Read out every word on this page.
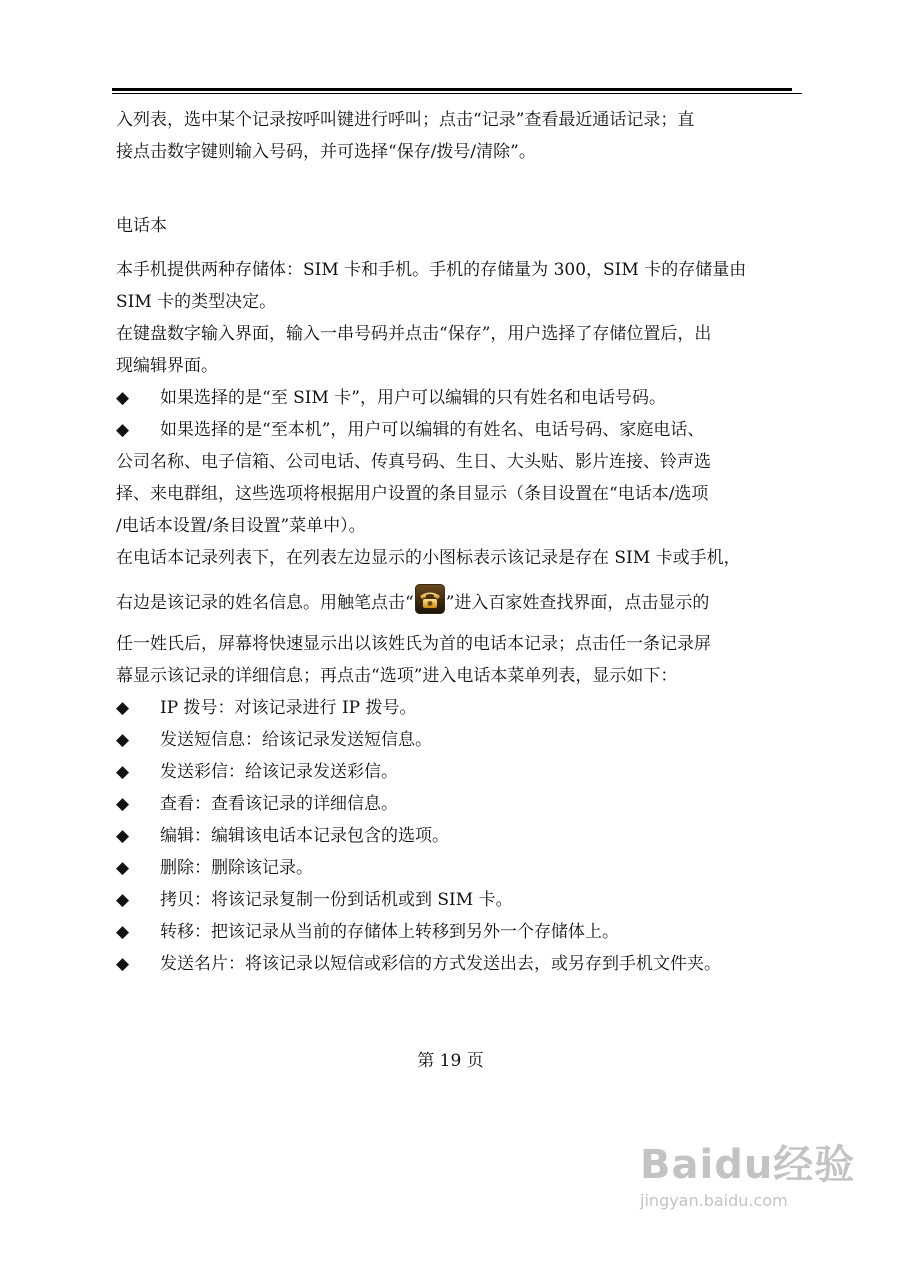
入列表，选中某个记录按呼叫键进行呼叫；点击“记录”查看最近通话记录；直
接点击数字键则输入号码，并可选择“保存/拨号/清除”。
电话本
本手机提供两种存储体：SIM 卡和手机。手机的存储量为 300，SIM 卡的存储量由
SIM 卡的类型决定。
在键盘数字输入界面，输入一串号码并点击“保存”，用户选择了存储位置后，出
现编辑界面。
◆	如果选择的是“至 SIM 卡”，用户可以编辑的只有姓名和电话号码。
◆	如果选择的是“至本机”，用户可以编辑的有姓名、电话号码、家庭电话、
公司名称、电子信箱、公司电话、传真号码、生日、大头贴、影片连接、铃声选
择、来电群组，这些选项将根据用户设置的条目显示（条目设置在“电话本/选项
/电话本设置/条目设置”菜单中）。
在电话本记录列表下，在列表左边显示的小图标表示该记录是存在 SIM 卡或手机，
右边是该记录的姓名信息。用触笔点击“ ”进入百家姓查找界面，点击显示的
任一姓氏后，屏幕将快速显示出以该姓氏为首的电话本记录；点击任一条记录屏
幕显示该记录的详细信息；再点击“选项”进入电话本菜单列表，显示如下：
◆	IP 拨号：对该记录进行 IP 拨号。
◆	发送短信息：给该记录发送短信息。
◆	发送彩信：给该记录发送彩信。
◆	查看：查看该记录的详细信息。
◆	编辑：编辑该电话本记录包含的选项。
◆	删除：删除该记录。
◆	拷贝：将该记录复制一份到话机或到 SIM 卡。
◆	转移：把该记录从当前的存储体上转移到另外一个存储体上。
◆	发送名片：将该记录以短信或彩信的方式发送出去，或另存到手机文件夹。
第 19 页
Baidu经验
jingyan.baidu.com
